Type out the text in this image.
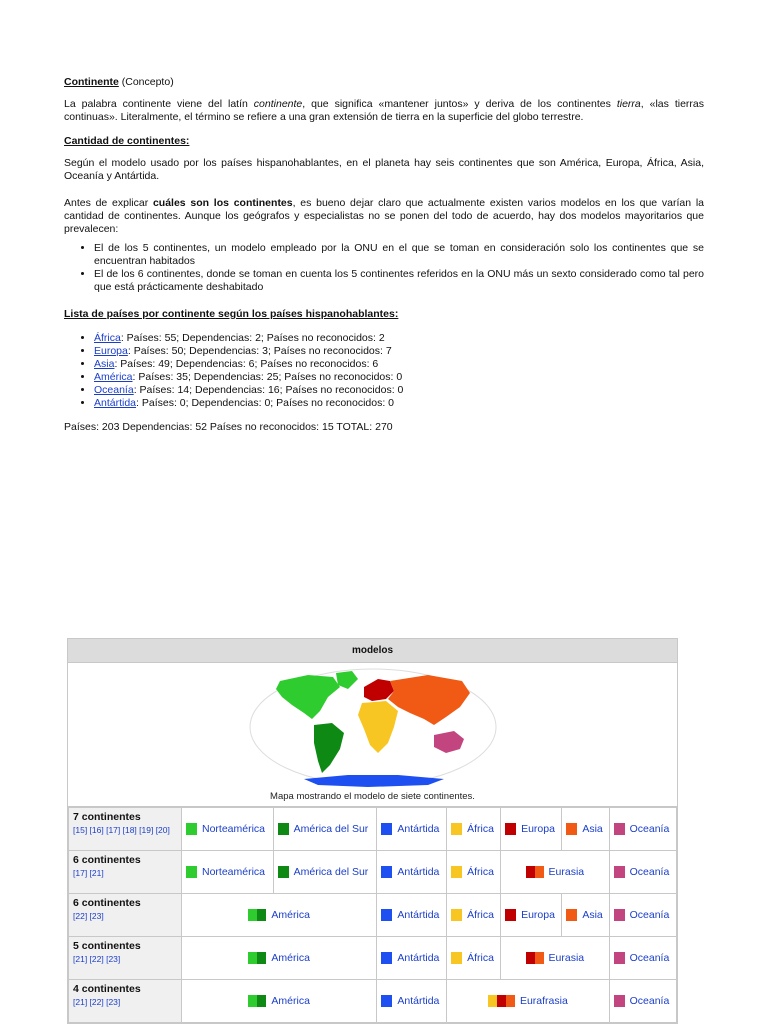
Continente (Concepto)

La palabra continente viene del latín continente, que significa «mantener juntos» y deriva de los continentes tierra, «las tierras continuas». Literalmente, el término se refiere a una gran extensión de tierra en la superficie del globo terrestre.

Cantidad de continentes:

Según el modelo usado por los países hispanohablantes, en el planeta hay seis continentes que son América, Europa, África, Asia, Oceanía y Antártida.

Antes de explicar cuáles son los continentes, es bueno dejar claro que actualmente existen varios modelos en los que varían la cantidad de continentes. Aunque los geógrafos y especialistas no se ponen del todo de acuerdo, hay dos modelos mayoritarios que prevalecen:

• El de los 5 continentes, un modelo empleado por la ONU en el que se toman en consideración solo los continentes que se encuentran habitados
• El de los 6 continentes, donde se toman en cuenta los 5 continentes referidos en la ONU más un sexto considerado como tal pero que está prácticamente deshabitado

Lista de países por continente según los países hispanohablantes:

• África: Países: 55; Dependencias: 2; Países no reconocidos: 2
• Europa: Países: 50; Dependencias: 3; Países no reconocidos: 7
• Asia: Países: 49; Dependencias: 6; Países no reconocidos: 6
• América: Países: 35; Dependencias: 25; Países no reconocidos: 0
• Oceanía: Países: 14; Dependencias: 16; Países no reconocidos: 0
• Antártida: Países: 0; Dependencias: 0; Países no reconocidos: 0

Países: 203 Dependencias: 52 Países no reconocidos: 15 TOTAL: 270

modelos
Mapa mostrando el modelo de siete continentes.
7 continentes
[15] [16] [17] [18] [19] [20]	Norteamérica	América del Sur	Antártida	África	Europa	Asia	Oceanía

6 continentes
[17] [21]	Norteamérica	América del Sur	Antártida	África	Eurasia		Oceanía

6 continentes
[22] [23]	América		Antártida	África	Europa	Asia	Oceanía

5 continentes
[21] [22] [23]	América		Antártida	África	Eurasia		Oceanía

4 continentes
[21] [22] [23]	América		Antártida	Eurafrasia			Oceanía
